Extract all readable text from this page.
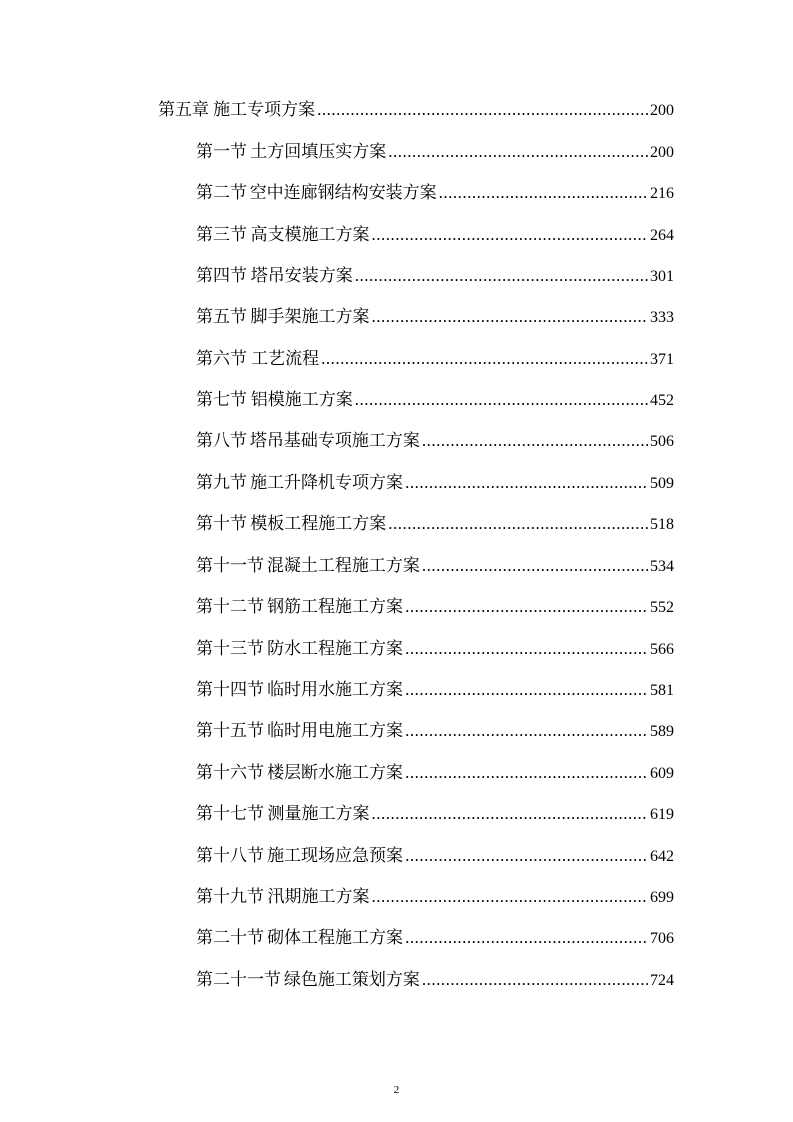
第五章 施工专项方案 .....	200
第一节 土方回填压实方案 .....	200
第二节 空中连廊钢结构安装方案 .....	216
第三节 高支模施工方案 .....	264
第四节 塔吊安装方案 .....	301
第五节 脚手架施工方案 .....	333
第六节 工艺流程 .....	371
第七节 铝模施工方案 .....	452
第八节 塔吊基础专项施工方案 .....	506
第九节 施工升降机专项方案 .....	509
第十节 模板工程施工方案 .....	518
第十一节 混凝土工程施工方案 .....	534
第十二节 钢筋工程施工方案 .....	552
第十三节 防水工程施工方案 .....	566
第十四节 临时用水施工方案 .....	581
第十五节 临时用电施工方案 .....	589
第十六节 楼层断水施工方案 .....	609
第十七节 测量施工方案 .....	619
第十八节 施工现场应急预案 .....	642
第十九节 汛期施工方案 .....	699
第二十节 砌体工程施工方案 .....	706
第二十一节 绿色施工策划方案 .....	724
2
